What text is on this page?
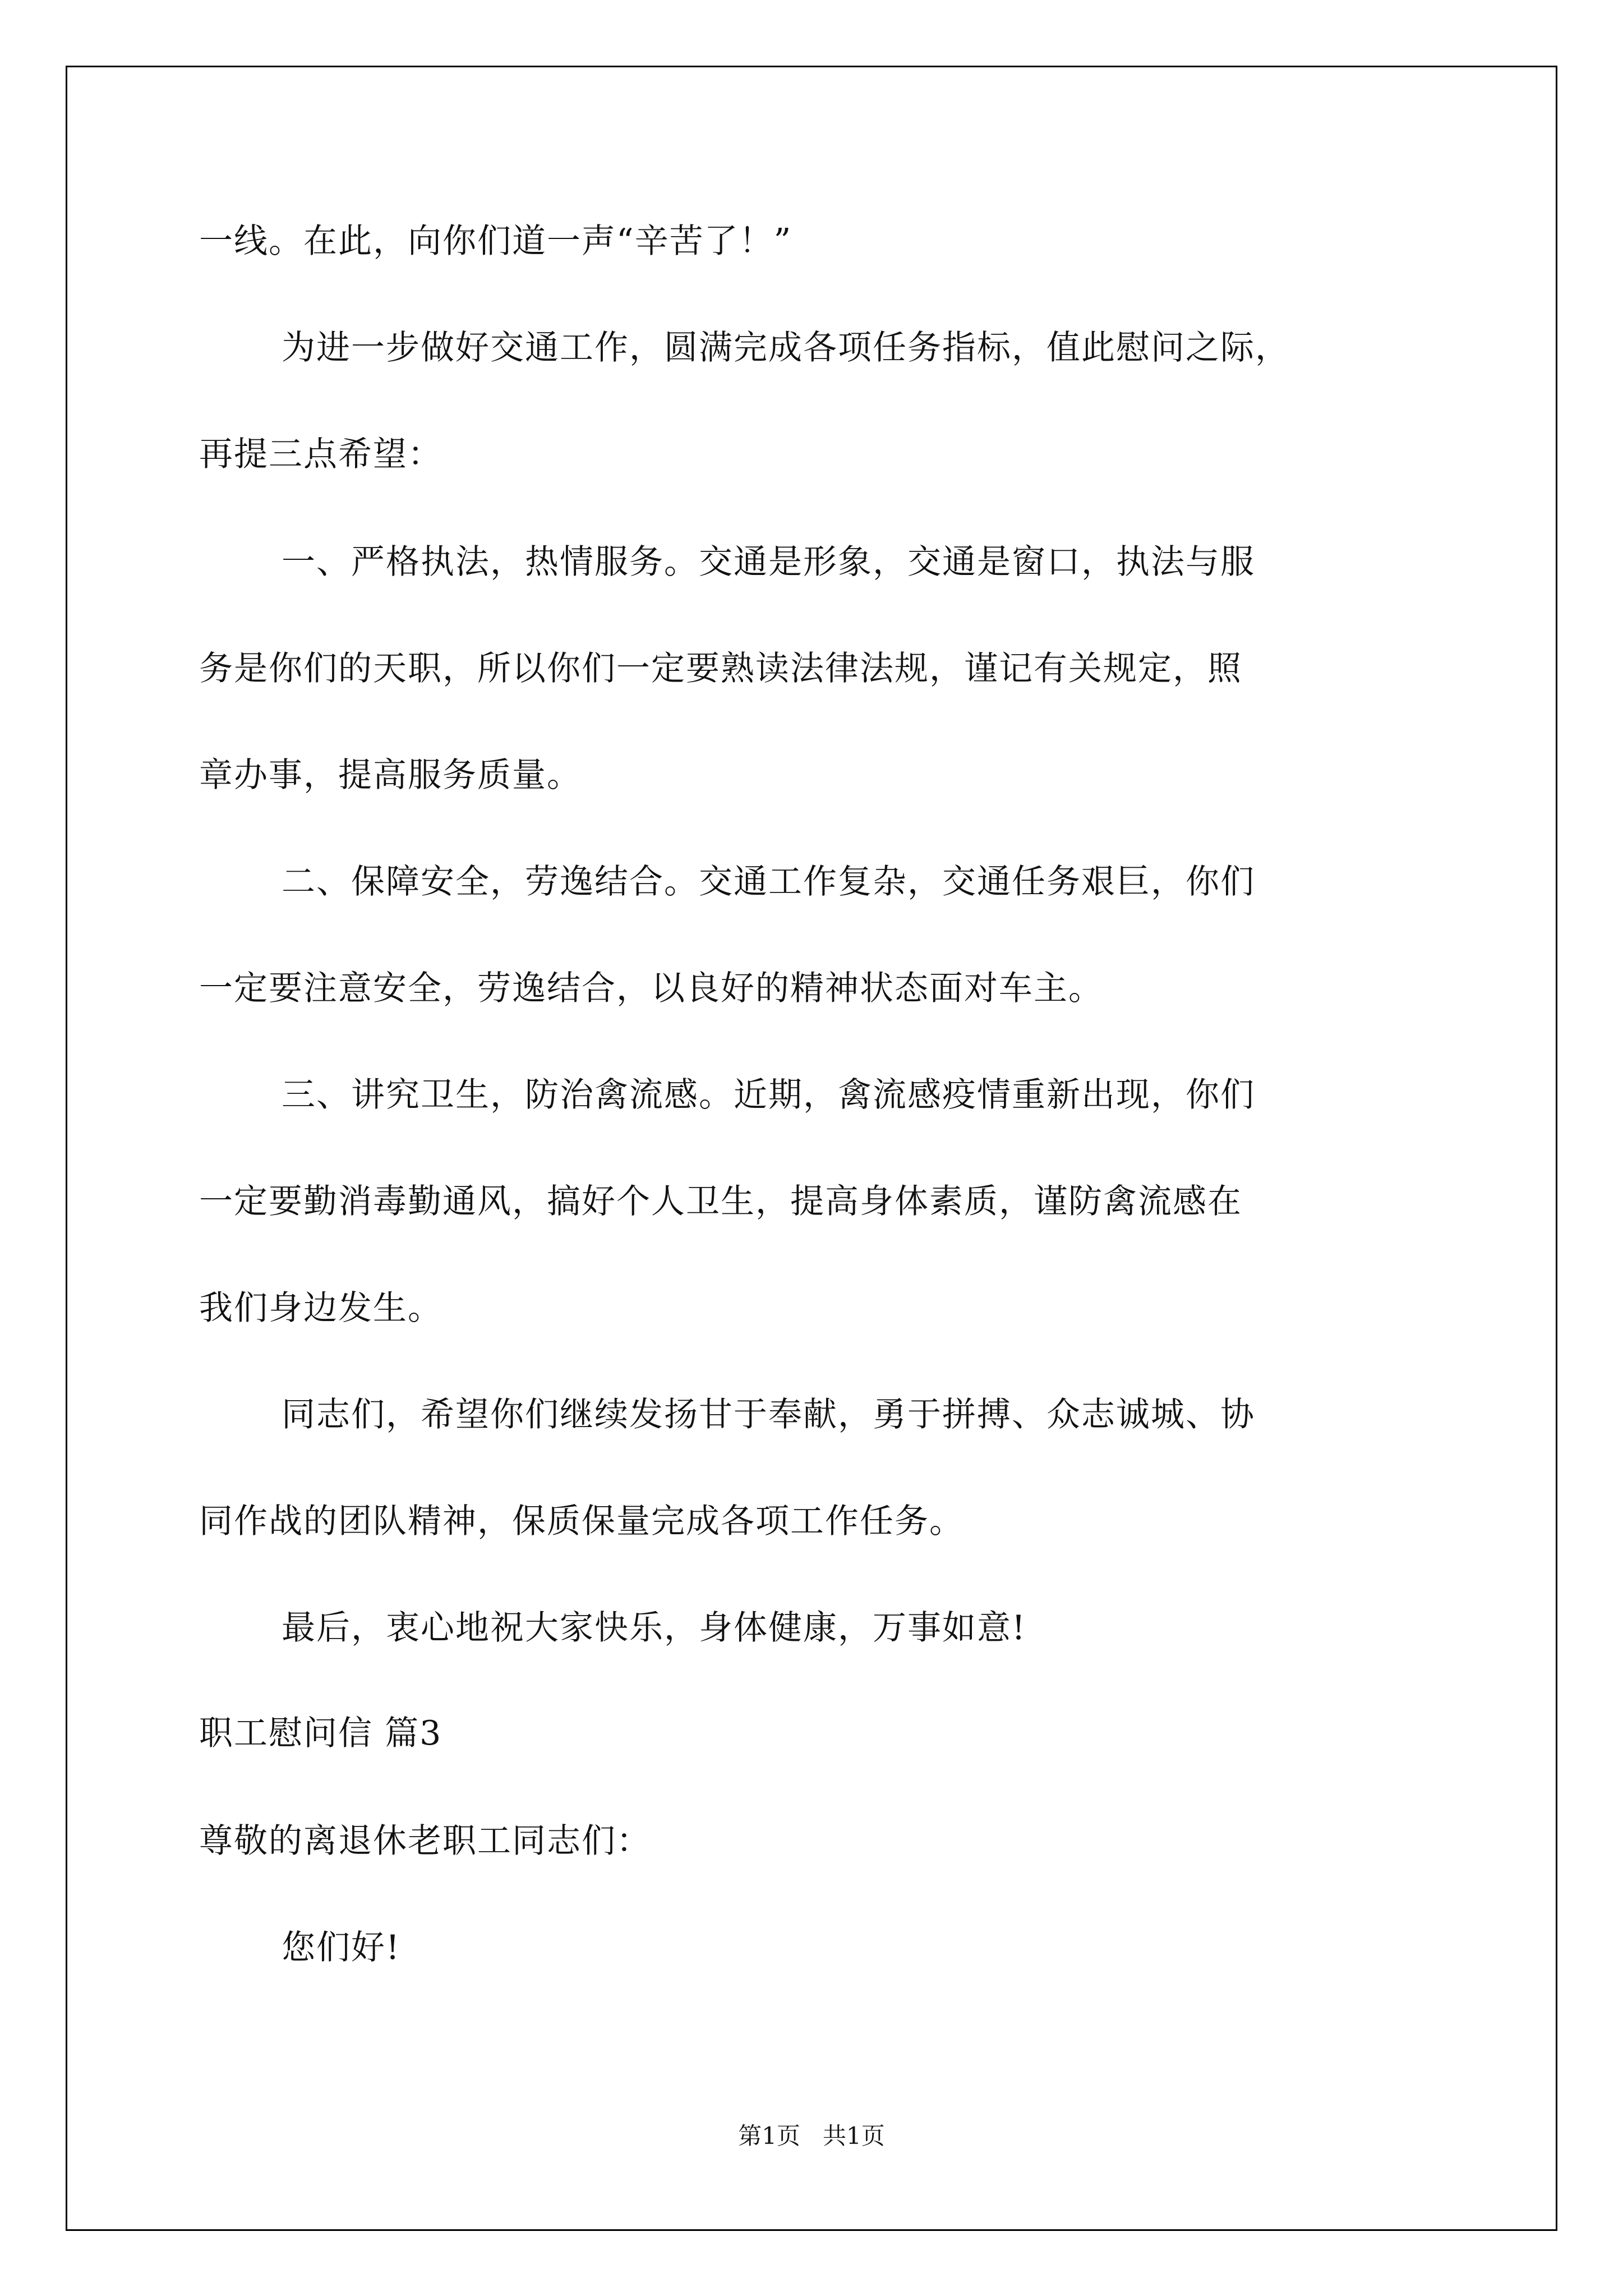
一线。在此，向你们道一声“辛苦了！”
为进一步做好交通工作，圆满完成各项任务指标，值此慰问之际，
再提三点希望：
一、严格执法，热情服务。交通是形象，交通是窗口，执法与服
务是你们的天职，所以你们一定要熟读法律法规，谨记有关规定，照
章办事，提高服务质量。
二、保障安全，劳逸结合。交通工作复杂，交通任务艰巨，你们
一定要注意安全，劳逸结合，以良好的精神状态面对车主。
三、讲究卫生，防治禽流感。近期，禽流感疫情重新出现，你们
一定要勤消毒勤通风，搞好个人卫生，提高身体素质，谨防禽流感在
我们身边发生。
同志们，希望你们继续发扬甘于奉献，勇于拼搏、众志诚城、协
同作战的团队精神，保质保量完成各项工作任务。
最后，衷心地祝大家快乐，身体健康，万事如意!
职工慰问信 篇3
尊敬的离退休老职工同志们：
您们好!
第1页   共1页
